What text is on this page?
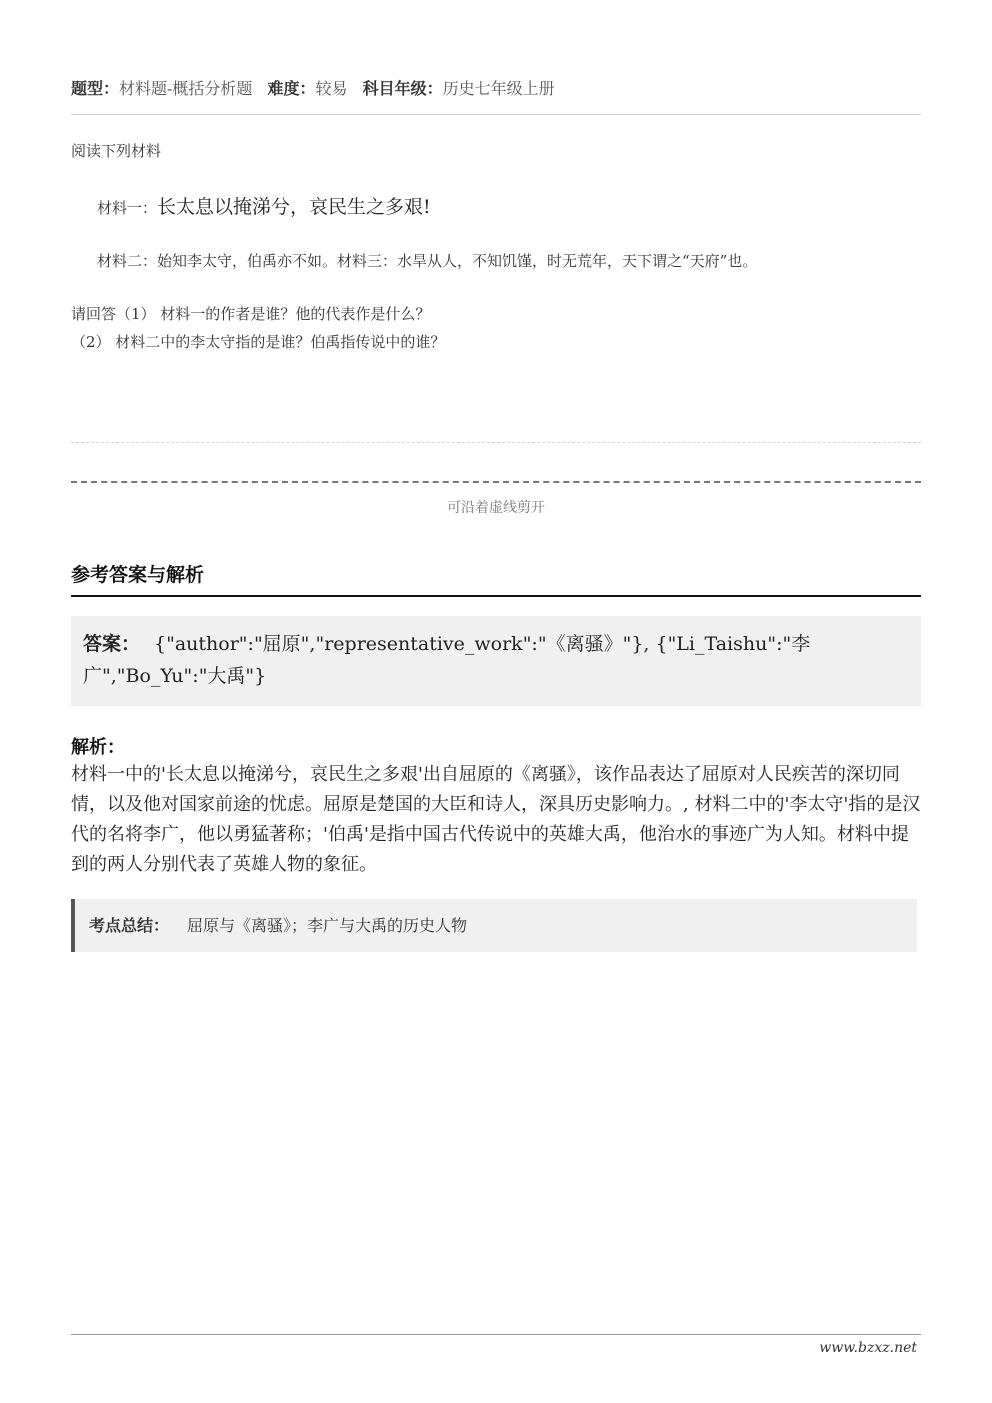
题型：材料题-概括分析题 难度：较易 科目年级：历史七年级上册
阅读下列材料
材料一：长太息以掩涕兮，哀民生之多艰!
材料二：始知李太守，伯禹亦不如。材料三：水旱从人，不知饥馑，时无荒年，天下谓之“天府”也。
请回答（1） 材料一的作者是谁？他的代表作是什么？
（2） 材料二中的李太守指的是谁？伯禹指传说中的谁？
可沿着虚线剪开
参考答案与解析
答案： {"author":"屈原","representative_work":"《离骚》"}, {"Li_Taishu":"李广","Bo_Yu":"大禹"}
解析：
材料一中的'长太息以掩涕兮，哀民生之多艰'出自屈原的《离骚》，该作品表达了屈原对人民疾苦的深切同情，以及他对国家前途的忧虑。屈原是楚国的大臣和诗人，深具历史影响力。, 材料二中的'李太守'指的是汉代的名将李广，他以勇猛著称；'伯禹'是指中国古代传说中的英雄大禹，他治水的事迹广为人知。材料中提到的两人分别代表了英雄人物的象征。
考点总结： 屈原与《离骚》；李广与大禹的历史人物
www.bzxz.net
